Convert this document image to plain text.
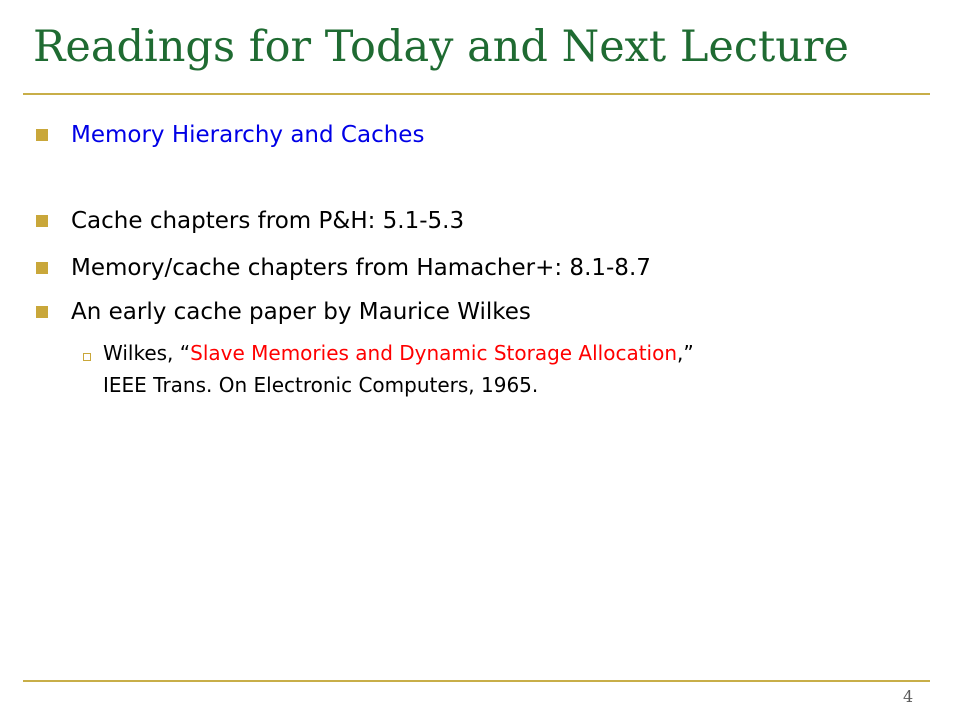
Readings for Today and Next Lecture
Memory Hierarchy and Caches
Cache chapters from P&H: 5.1-5.3
Memory/cache chapters from Hamacher+: 8.1-8.7
An early cache paper by Maurice Wilkes
Wilkes, “Slave Memories and Dynamic Storage Allocation,”
IEEE Trans. On Electronic Computers, 1965.
4
